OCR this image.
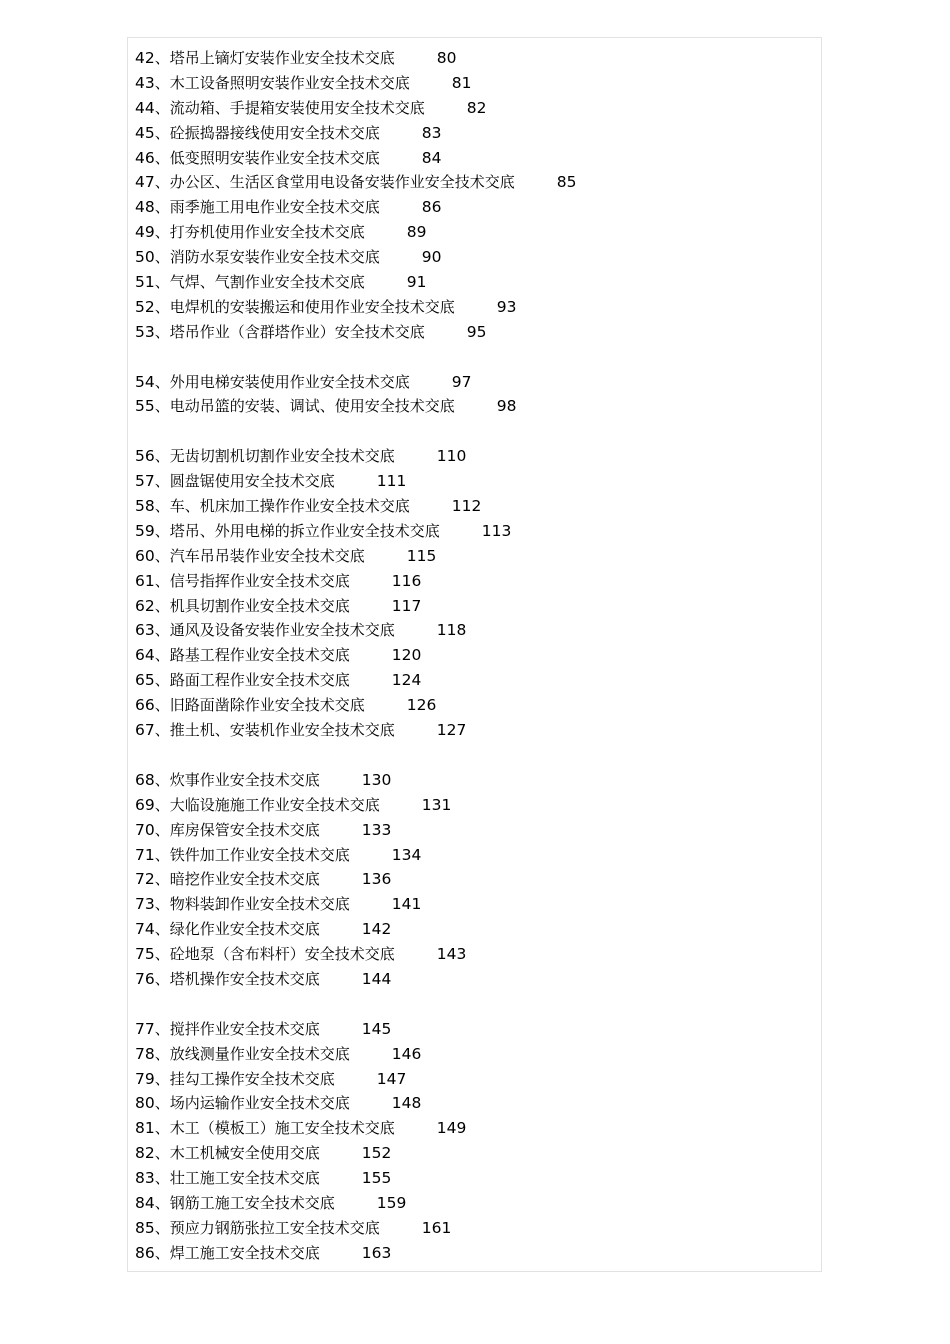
42、塔吊上镝灯安装作业安全技术交底	80
43、木工设备照明安装作业安全技术交底	81
44、流动箱、手提箱安装使用安全技术交底	82
45、砼振捣器接线使用安全技术交底	83
46、低变照明安装作业安全技术交底	84
47、办公区、生活区食堂用电设备安装作业安全技术交底	85
48、雨季施工用电作业安全技术交底	86
49、打夯机使用作业安全技术交底	89
50、消防水泵安装作业安全技术交底	90
51、气焊、气割作业安全技术交底	91
52、电焊机的安装搬运和使用作业安全技术交底	93
53、塔吊作业（含群塔作业）安全技术交底	95
54、外用电梯安装使用作业安全技术交底	97
55、电动吊篮的安装、调试、使用安全技术交底	98
56、无齿切割机切割作业安全技术交底	110
57、圆盘锯使用安全技术交底	111
58、车、机床加工操作作业安全技术交底	112
59、塔吊、外用电梯的拆立作业安全技术交底	113
60、汽车吊吊装作业安全技术交底	115
61、信号指挥作业安全技术交底	116
62、机具切割作业安全技术交底	117
63、通风及设备安装作业安全技术交底	118
64、路基工程作业安全技术交底	120
65、路面工程作业安全技术交底	124
66、旧路面凿除作业安全技术交底	126
67、推土机、安装机作业安全技术交底	127
68、炊事作业安全技术交底	130
69、大临设施施工作业安全技术交底	131
70、库房保管安全技术交底	133
71、铁件加工作业安全技术交底	134
72、暗挖作业安全技术交底	136
73、物料装卸作业安全技术交底	141
74、绿化作业安全技术交底	142
75、砼地泵（含布料杆）安全技术交底	143
76、塔机操作安全技术交底	144
77、搅拌作业安全技术交底	145
78、放线测量作业安全技术交底	146
79、挂勾工操作安全技术交底	147
80、场内运输作业安全技术交底	148
81、木工（模板工）施工安全技术交底	149
82、木工机械安全使用交底	152
83、壮工施工安全技术交底	155
84、钢筋工施工安全技术交底	159
85、预应力钢筋张拉工安全技术交底	161
86、焊工施工安全技术交底	163
